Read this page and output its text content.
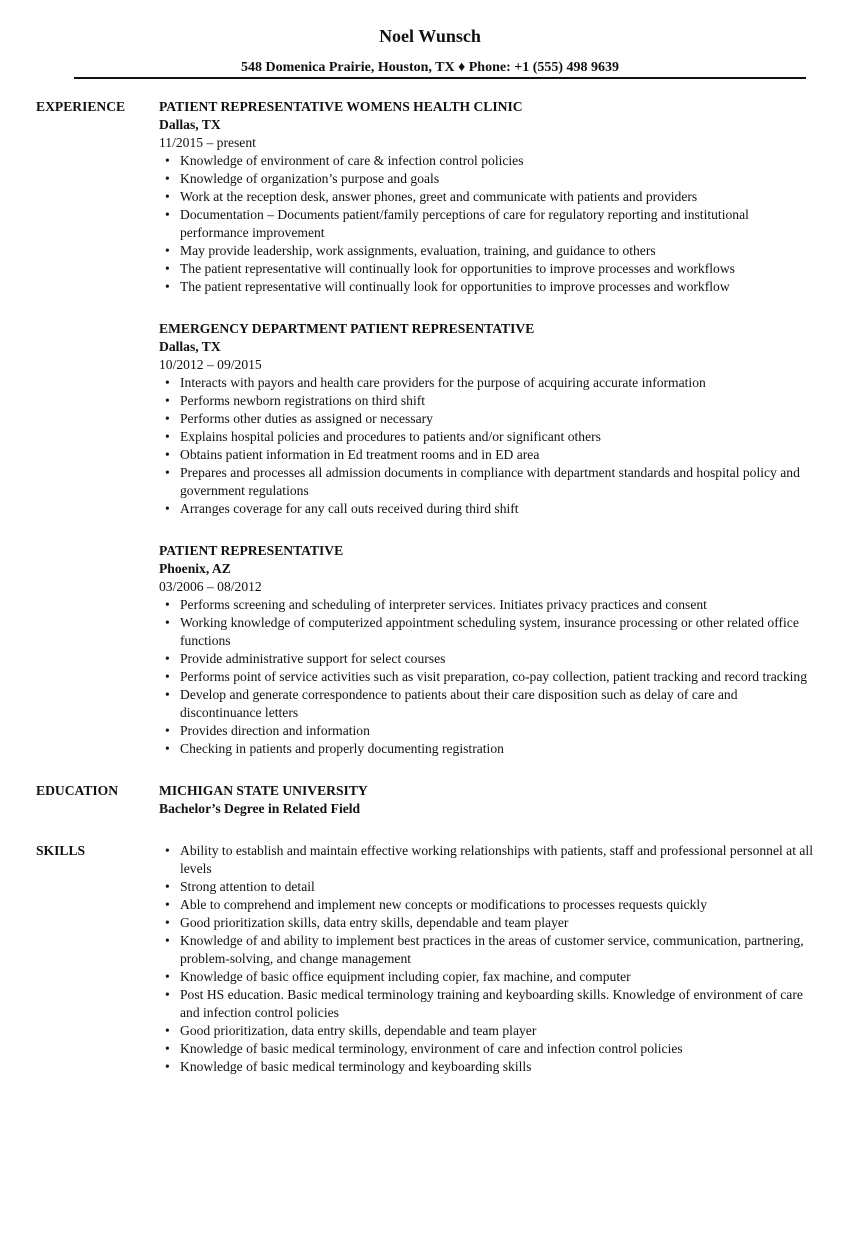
Noel Wunsch
548 Domenica Prairie, Houston, TX ♦ Phone: +1 (555) 498 9639
EXPERIENCE	PATIENT REPRESENTATIVE WOMENS HEALTH CLINIC
Dallas, TX
11/2015 – present
• Knowledge of environment of care & infection control policies
• Knowledge of organization’s purpose and goals
• Work at the reception desk, answer phones, greet and communicate with patients and providers
• Documentation – Documents patient/family perceptions of care for regulatory reporting and institutional performance improvement
• May provide leadership, work assignments, evaluation, training, and guidance to others
• The patient representative will continually look for opportunities to improve processes and workflows
• The patient representative will continually look for opportunities to improve processes and workflow
EMERGENCY DEPARTMENT PATIENT REPRESENTATIVE
Dallas, TX
10/2012 – 09/2015
• Interacts with payors and health care providers for the purpose of acquiring accurate information
• Performs newborn registrations on third shift
• Performs other duties as assigned or necessary
• Explains hospital policies and procedures to patients and/or significant others
• Obtains patient information in Ed treatment rooms and in ED area
• Prepares and processes all admission documents in compliance with department standards and hospital policy and government regulations
• Arranges coverage for any call outs received during third shift
PATIENT REPRESENTATIVE
Phoenix, AZ
03/2006 – 08/2012
• Performs screening and scheduling of interpreter services. Initiates privacy practices and consent
• Working knowledge of computerized appointment scheduling system, insurance processing or other related office functions
• Provide administrative support for select courses
• Performs point of service activities such as visit preparation, co-pay collection, patient tracking and record tracking
• Develop and generate correspondence to patients about their care disposition such as delay of care and discontinuance letters
• Provides direction and information
• Checking in patients and properly documenting registration
EDUCATION	MICHIGAN STATE UNIVERSITY
Bachelor’s Degree in Related Field
SKILLS	• Ability to establish and maintain effective working relationships with patients, staff and professional personnel at all levels
• Strong attention to detail
• Able to comprehend and implement new concepts or modifications to processes requests quickly
• Good prioritization skills, data entry skills, dependable and team player
• Knowledge of and ability to implement best practices in the areas of customer service, communication, partnering, problem-solving, and change management
• Knowledge of basic office equipment including copier, fax machine, and computer
• Post HS education. Basic medical terminology training and keyboarding skills. Knowledge of environment of care and infection control policies
• Good prioritization, data entry skills, dependable and team player
• Knowledge of basic medical terminology, environment of care and infection control policies
• Knowledge of basic medical terminology and keyboarding skills
